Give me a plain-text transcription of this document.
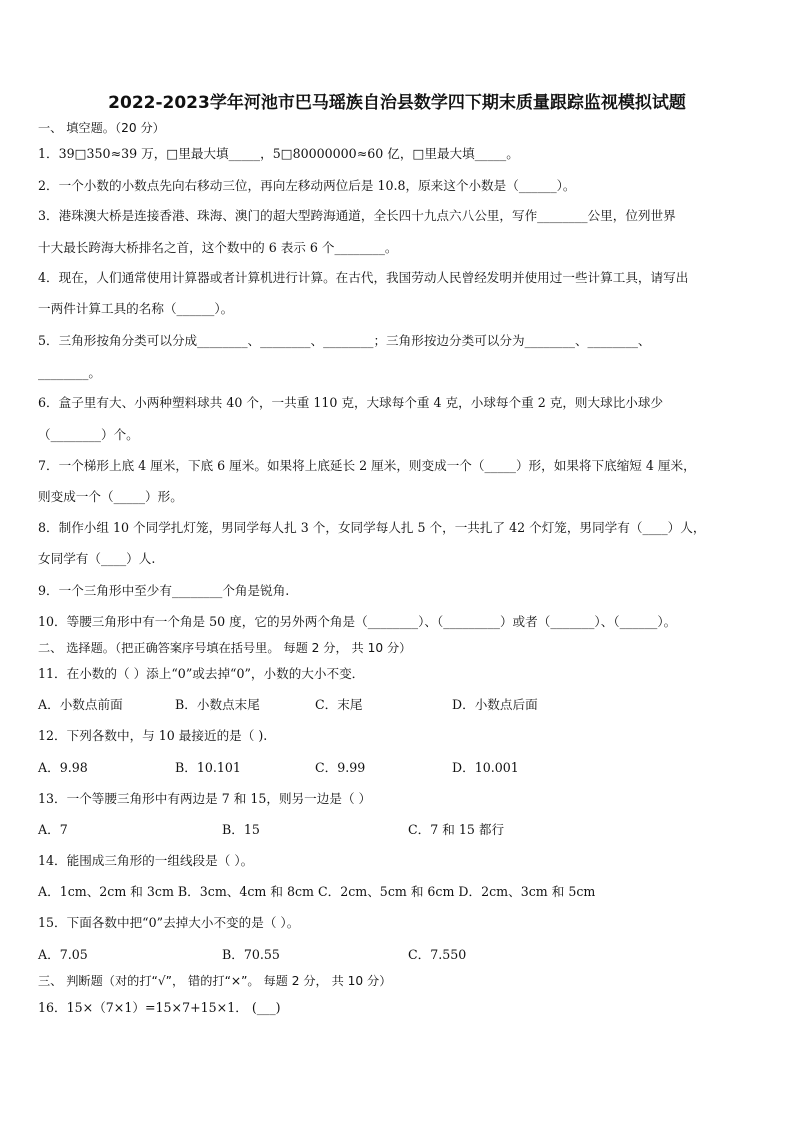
2022-2023学年河池市巴马瑶族自治县数学四下期末质量跟踪监视模拟试题
一、 填空题。（20 分）
1．39□350≈39 万，□里最大填_____，5□80000000≈60 亿，□里最大填_____。
2．一个小数的小数点先向右移动三位，再向左移动两位后是 10.8，原来这个小数是（______）。
3．港珠澳大桥是连接香港、珠海、澳门的超大型跨海通道，全长四十九点六八公里，写作________公里，位列世界
十大最长跨海大桥排名之首，这个数中的 6 表示 6 个________。
4．现在，人们通常使用计算器或者计算机进行计算。在古代，我国劳动人民曾经发明并使用过一些计算工具，请写出
一两件计算工具的名称（______）。
5．三角形按角分类可以分成________、________、________；三角形按边分类可以分为________、________、
________。
6．盒子里有大、小两种塑料球共 40 个，一共重 110 克，大球每个重 4 克，小球每个重 2 克，则大球比小球少
（________）个。
7．一个梯形上底 4 厘米，下底 6 厘米。如果将上底延长 2 厘米，则变成一个（_____）形，如果将下底缩短 4 厘米，
则变成一个（_____）形。
8．制作小组 10 个同学扎灯笼，男同学每人扎 3 个，女同学每人扎 5 个，一共扎了 42 个灯笼，男同学有（____）人，
女同学有（____）人.
9．一个三角形中至少有________个角是锐角.
10．等腰三角形中有一个角是 50 度，它的另外两个角是（________）、（_________）或者（_______）、（______）。
二、 选择题。（把正确答案序号填在括号里。 每题 2 分， 共 10 分）
11．在小数的（ ）添上“0”或去掉“0”，小数的大小不变．
A．小数点前面	B．小数点末尾	C．末尾	D．小数点后面
12．下列各数中，与 10 最接近的是（ ).
A．9.98	B．10.101	C．9.99	D．10.001
13．一个等腰三角形中有两边是 7 和 15，则另一边是（ ）
A．7	B．15	C．7 和 15 都行
14．能围成三角形的一组线段是（ ）。
A．1cm、2cm 和 3cm B．3cm、4cm 和 8cm C．2cm、5cm 和 6cm D．2cm、3cm 和 5cm
15．下面各数中把“0”去掉大小不变的是（ ）。
A．7.05	B．70.55	C．7.550
三、 判断题（对的打“√”， 错的打“×”。 每题 2 分， 共 10 分）
16．15×（7×1）=15×7+15×1． (___)
